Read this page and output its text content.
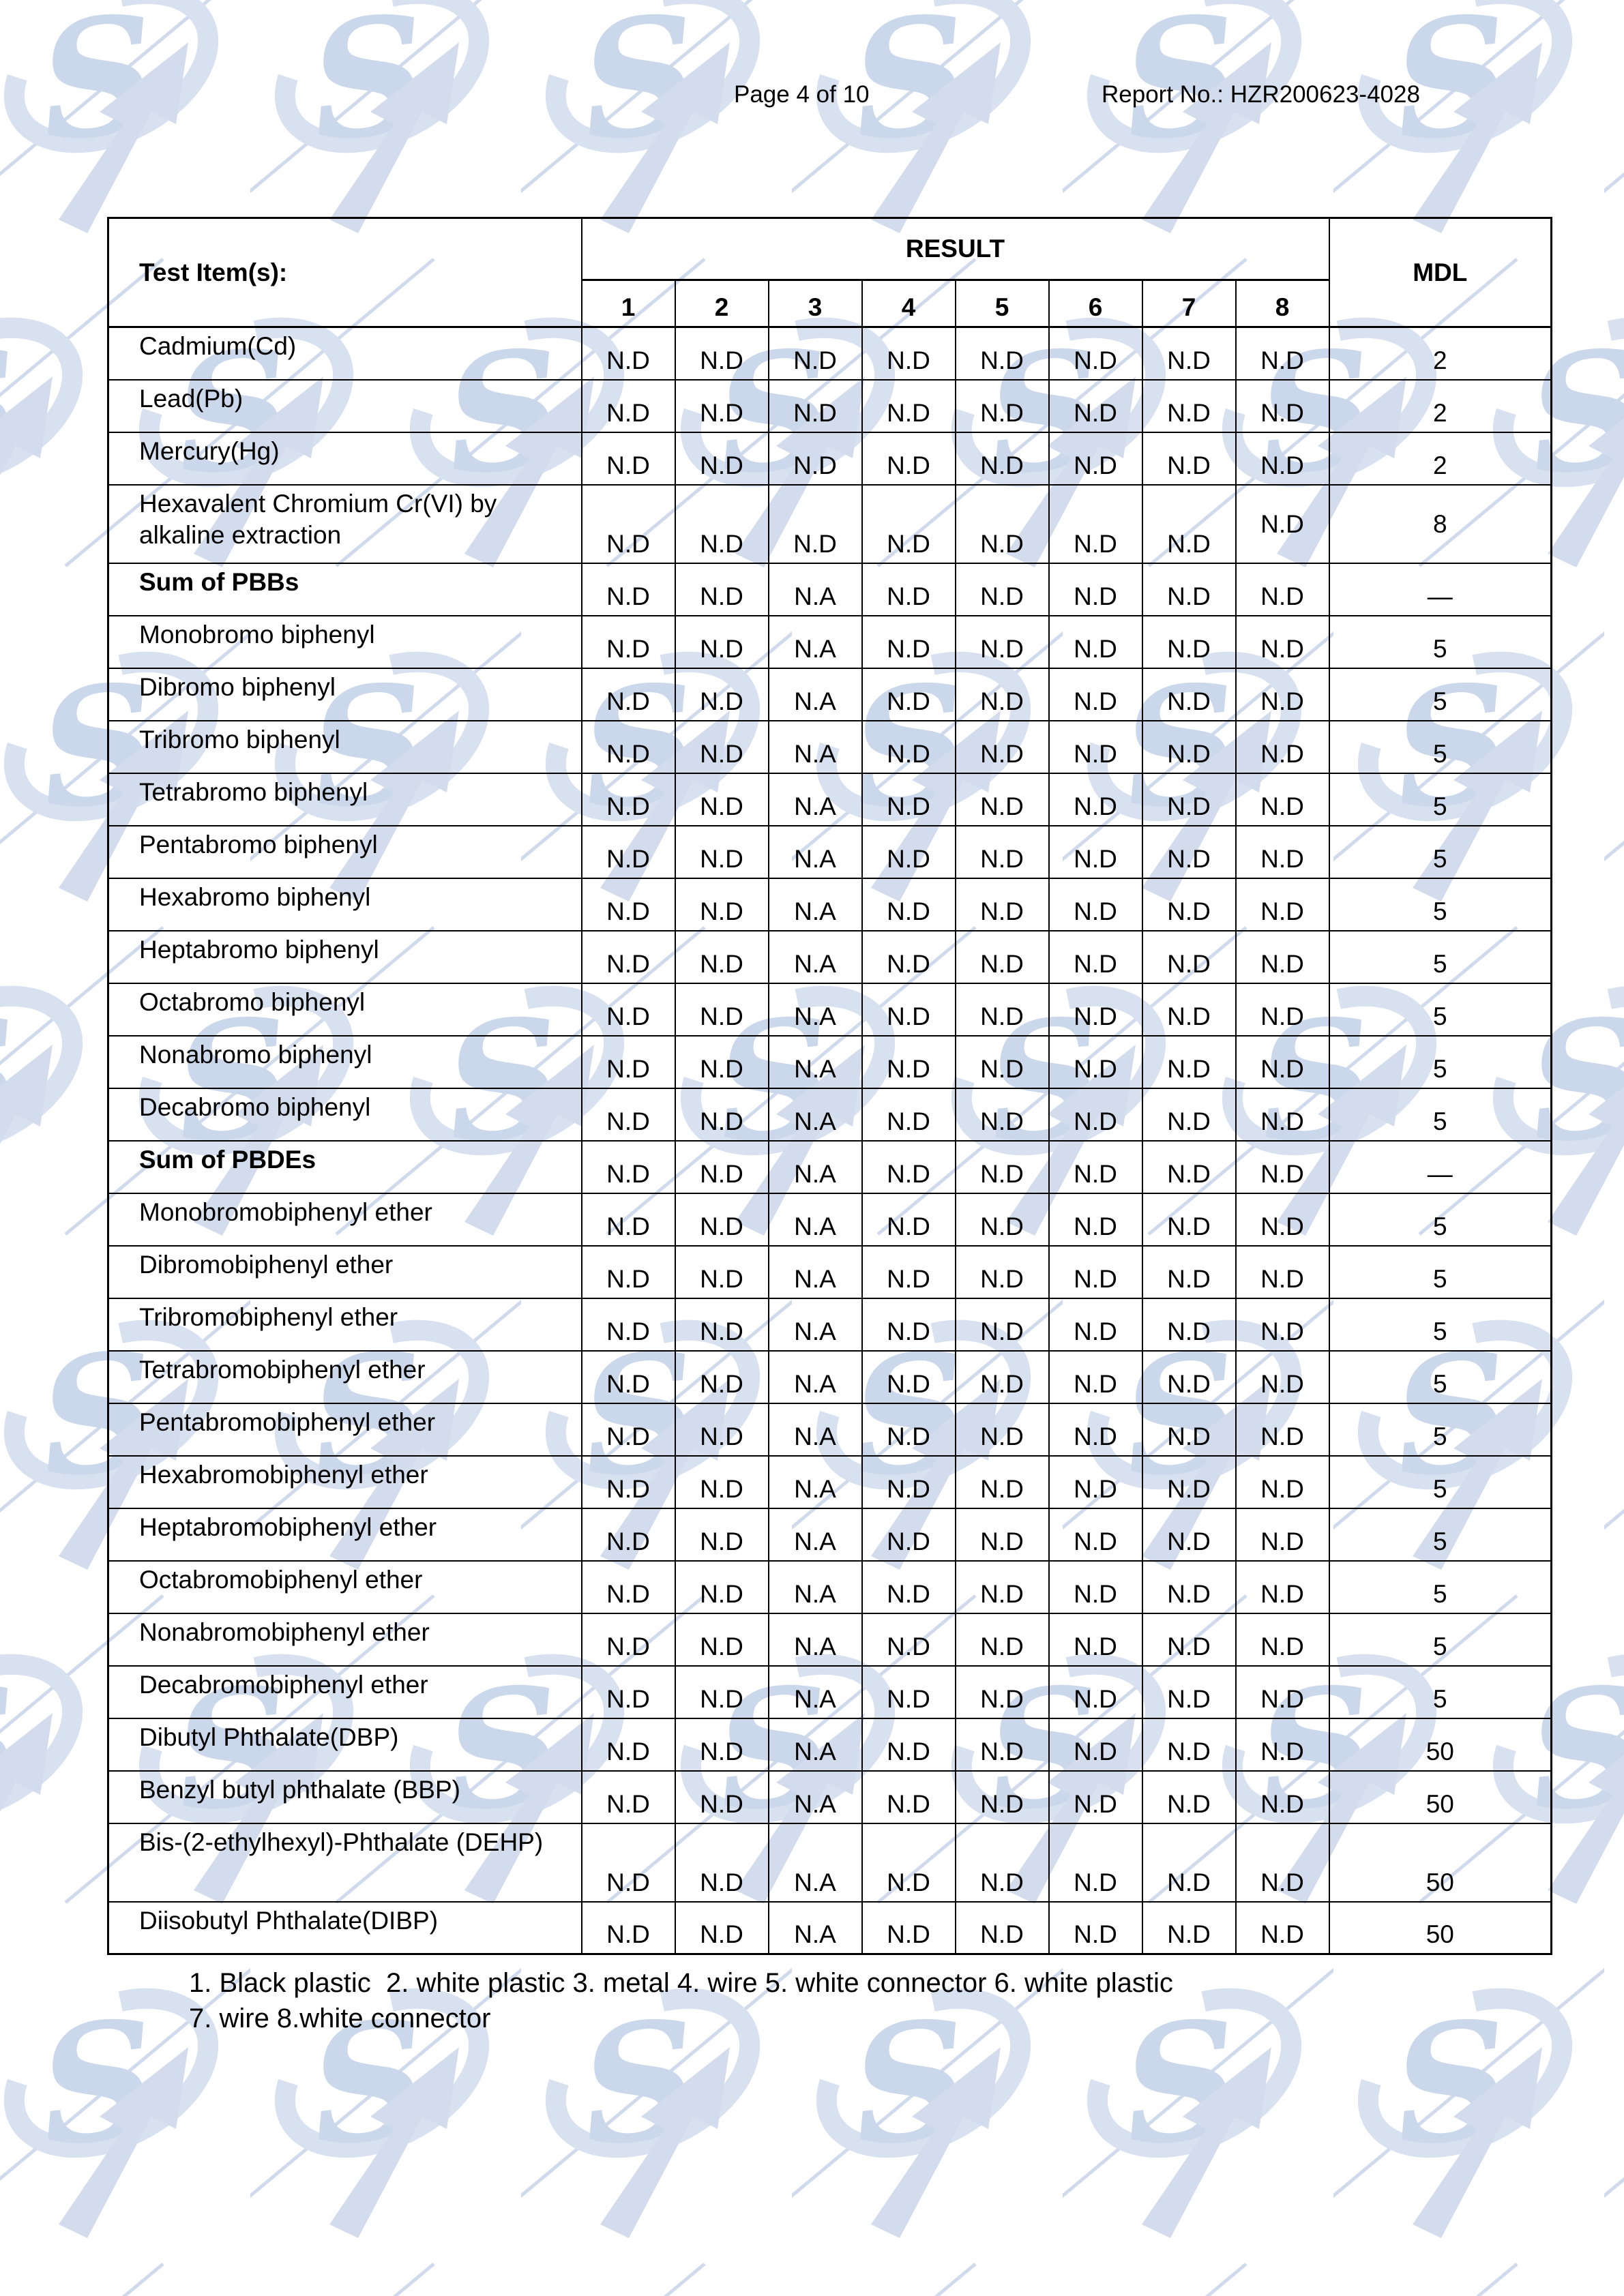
Page 4 of 10	Report No.: HZR200623-4028
Test Item(s):	RESULT								MDL
	1	2	3	4	5	6	7	8	
Cadmium(Cd)	N.D	N.D	N.D	N.D	N.D	N.D	N.D	N.D	2
Lead(Pb)	N.D	N.D	N.D	N.D	N.D	N.D	N.D	N.D	2
Mercury(Hg)	N.D	N.D	N.D	N.D	N.D	N.D	N.D	N.D	2
Hexavalent Chromium Cr(VI) by alkaline extraction	N.D	N.D	N.D	N.D	N.D	N.D	N.D	N.D	8
Sum of PBBs	N.D	N.D	N.A	N.D	N.D	N.D	N.D	N.D	—
Monobromo biphenyl	N.D	N.D	N.A	N.D	N.D	N.D	N.D	N.D	5
Dibromo biphenyl	N.D	N.D	N.A	N.D	N.D	N.D	N.D	N.D	5
Tribromo biphenyl	N.D	N.D	N.A	N.D	N.D	N.D	N.D	N.D	5
Tetrabromo biphenyl	N.D	N.D	N.A	N.D	N.D	N.D	N.D	N.D	5
Pentabromo biphenyl	N.D	N.D	N.A	N.D	N.D	N.D	N.D	N.D	5
Hexabromo biphenyl	N.D	N.D	N.A	N.D	N.D	N.D	N.D	N.D	5
Heptabromo biphenyl	N.D	N.D	N.A	N.D	N.D	N.D	N.D	N.D	5
Octabromo biphenyl	N.D	N.D	N.A	N.D	N.D	N.D	N.D	N.D	5
Nonabromo biphenyl	N.D	N.D	N.A	N.D	N.D	N.D	N.D	N.D	5
Decabromo biphenyl	N.D	N.D	N.A	N.D	N.D	N.D	N.D	N.D	5
Sum of PBDEs	N.D	N.D	N.A	N.D	N.D	N.D	N.D	N.D	—
Monobromobiphenyl ether	N.D	N.D	N.A	N.D	N.D	N.D	N.D	N.D	5
Dibromobiphenyl ether	N.D	N.D	N.A	N.D	N.D	N.D	N.D	N.D	5
Tribromobiphenyl ether	N.D	N.D	N.A	N.D	N.D	N.D	N.D	N.D	5
Tetrabromobiphenyl ether	N.D	N.D	N.A	N.D	N.D	N.D	N.D	N.D	5
Pentabromobiphenyl ether	N.D	N.D	N.A	N.D	N.D	N.D	N.D	N.D	5
Hexabromobiphenyl ether	N.D	N.D	N.A	N.D	N.D	N.D	N.D	N.D	5
Heptabromobiphenyl ether	N.D	N.D	N.A	N.D	N.D	N.D	N.D	N.D	5
Octabromobiphenyl ether	N.D	N.D	N.A	N.D	N.D	N.D	N.D	N.D	5
Nonabromobiphenyl ether	N.D	N.D	N.A	N.D	N.D	N.D	N.D	N.D	5
Decabromobiphenyl ether	N.D	N.D	N.A	N.D	N.D	N.D	N.D	N.D	5
Dibutyl Phthalate(DBP)	N.D	N.D	N.A	N.D	N.D	N.D	N.D	N.D	50
Benzyl butyl phthalate (BBP)	N.D	N.D	N.A	N.D	N.D	N.D	N.D	N.D	50
Bis-(2-ethylhexyl)-Phthalate (DEHP)	N.D	N.D	N.A	N.D	N.D	N.D	N.D	N.D	50
Diisobutyl Phthalate(DIBP)	N.D	N.D	N.A	N.D	N.D	N.D	N.D	N.D	50
1. Black plastic  2. white plastic 3. metal 4. wire 5. white connector 6. white plastic
7. wire 8.white connector
